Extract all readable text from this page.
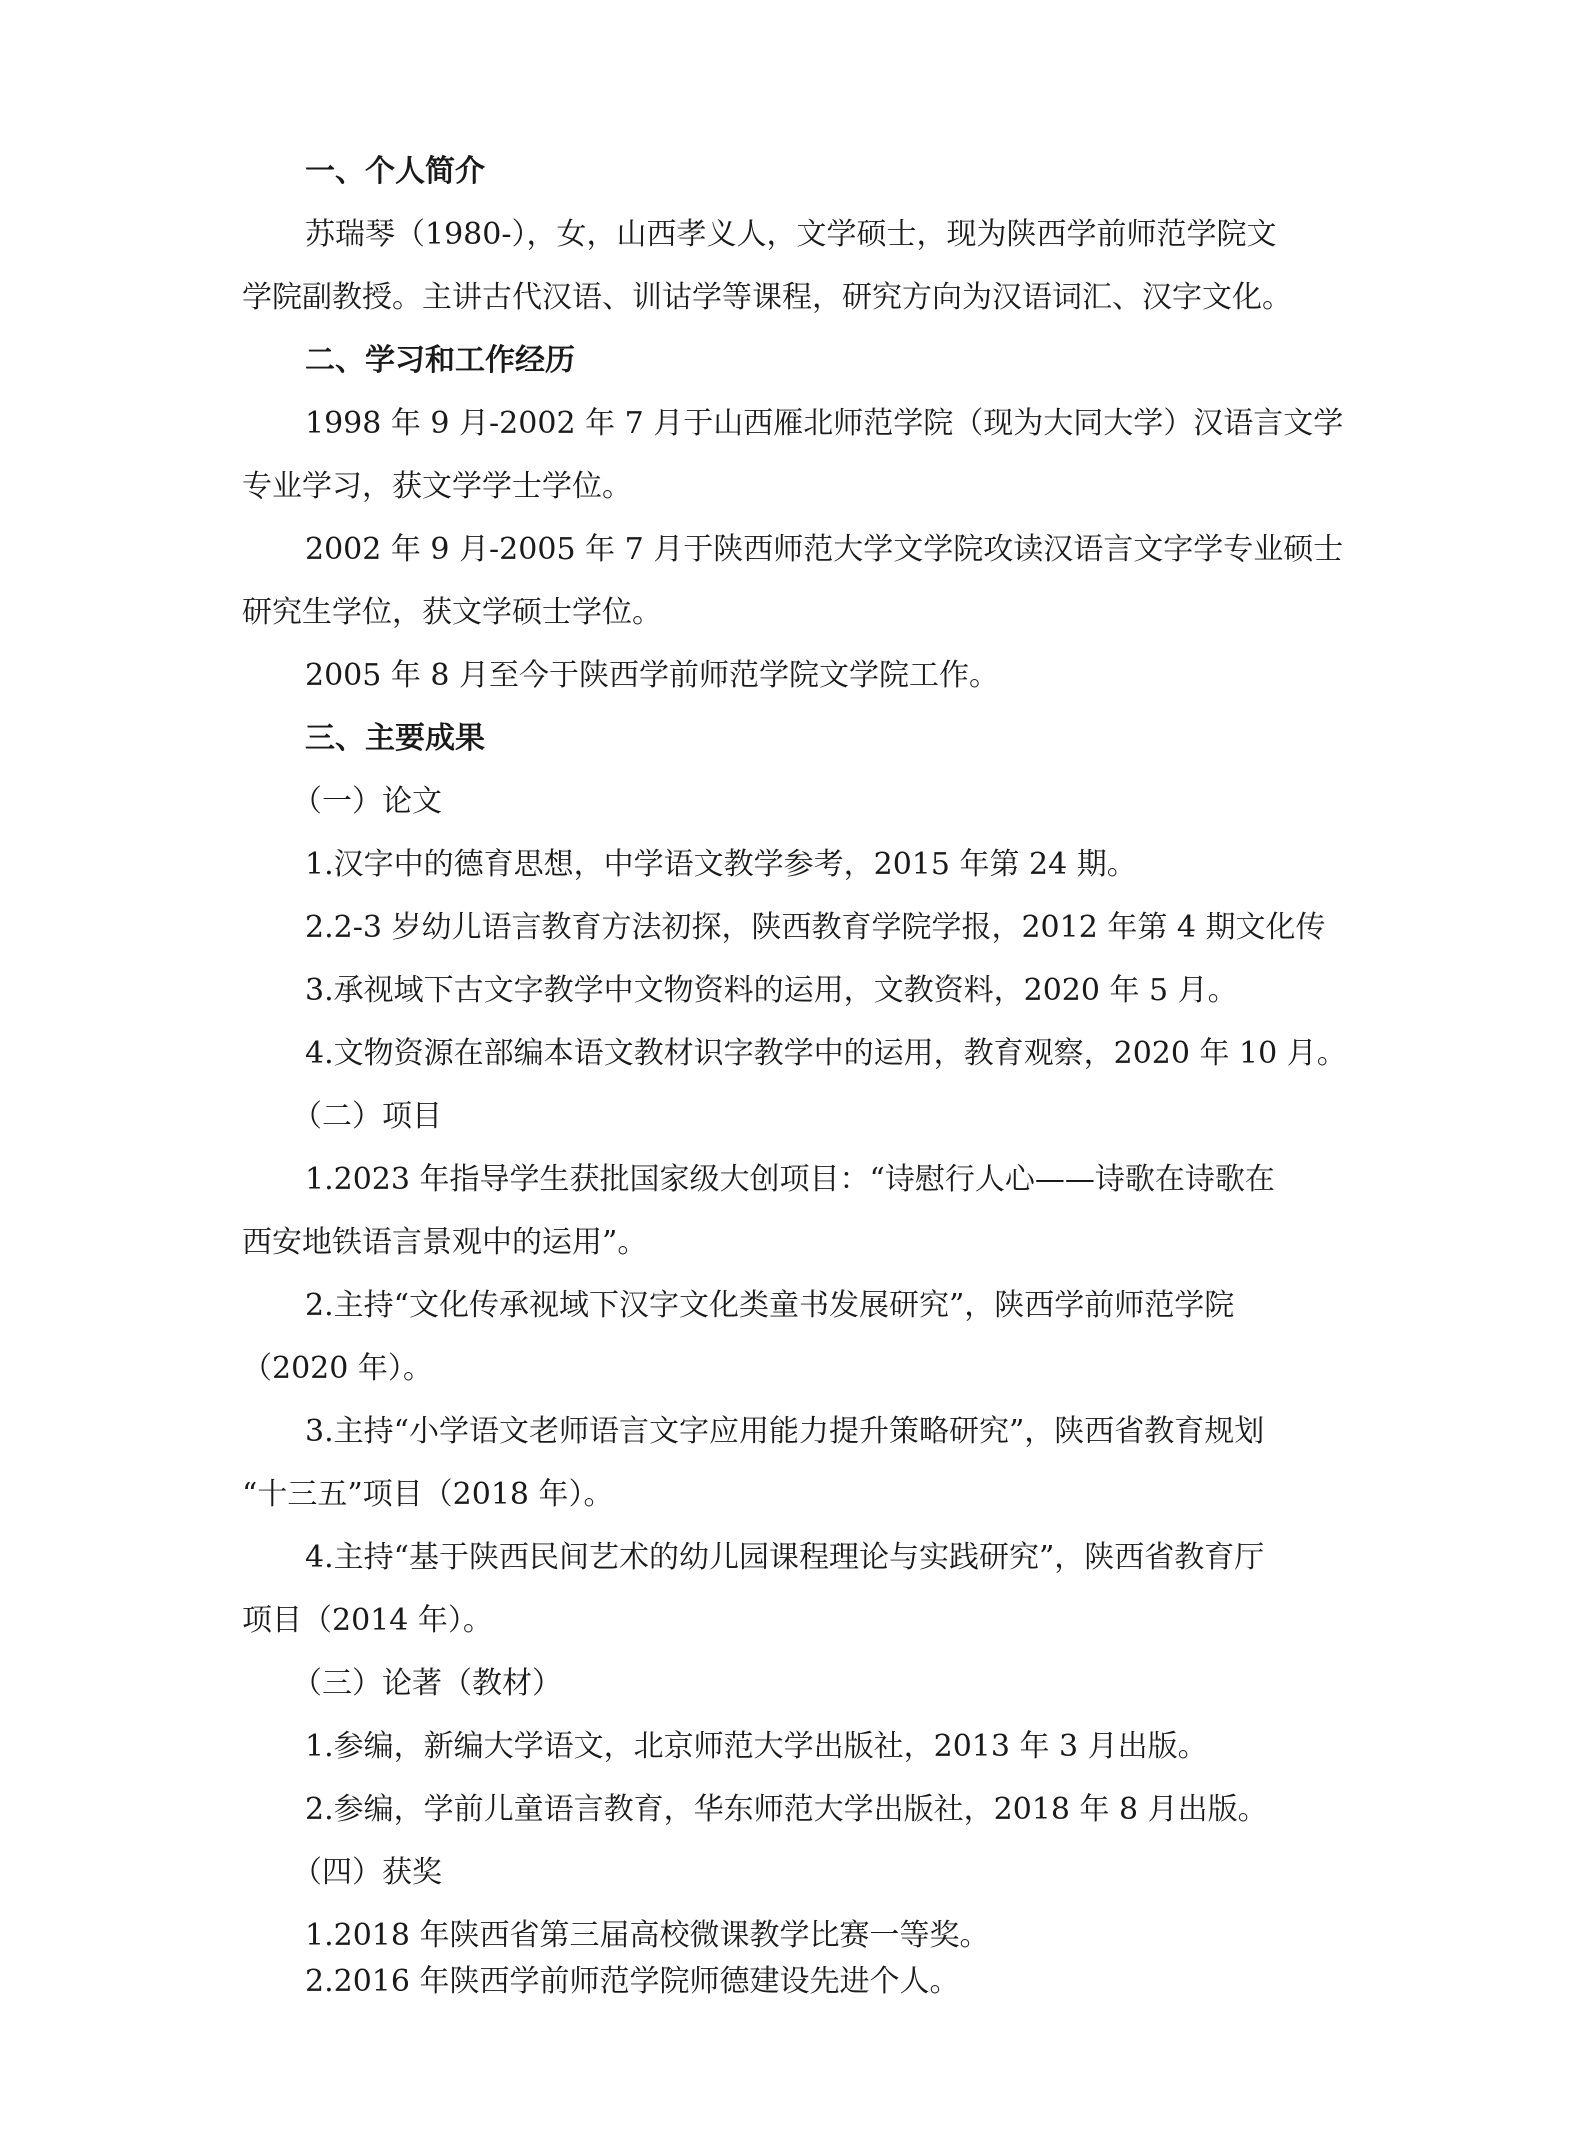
一、个人简介
苏瑞琴（1980-），女，山西孝义人，文学硕士，现为陕西学前师范学院文
学院副教授。主讲古代汉语、训诂学等课程，研究方向为汉语词汇、汉字文化。
二、学习和工作经历
1998 年 9 月-2002 年 7 月于山西雁北师范学院（现为大同大学）汉语言文学
专业学习，获文学学士学位。
2002 年 9 月-2005 年 7 月于陕西师范大学文学院攻读汉语言文字学专业硕士
研究生学位，获文学硕士学位。
2005 年 8 月至今于陕西学前师范学院文学院工作。
三、主要成果
（一）论文
1.汉字中的德育思想，中学语文教学参考，2015 年第 24 期。
2.2-3 岁幼儿语言教育方法初探，陕西教育学院学报，2012 年第 4 期文化传
3.承视域下古文字教学中文物资料的运用，文教资料，2020 年 5 月。
4.文物资源在部编本语文教材识字教学中的运用，教育观察，2020 年 10 月。
（二）项目
1.2023 年指导学生获批国家级大创项目：“诗慰行人心——诗歌在诗歌在
西安地铁语言景观中的运用”。
2.主持“文化传承视域下汉字文化类童书发展研究”，陕西学前师范学院
（2020 年）。
3.主持“小学语文老师语言文字应用能力提升策略研究”，陕西省教育规划
“十三五”项目（2018 年）。
4.主持“基于陕西民间艺术的幼儿园课程理论与实践研究”，陕西省教育厅
项目（2014 年）。
（三）论著（教材）
1.参编，新编大学语文，北京师范大学出版社，2013 年 3 月出版。
2.参编，学前儿童语言教育，华东师范大学出版社，2018 年 8 月出版。
（四）获奖
1.2018 年陕西省第三届高校微课教学比赛一等奖。
2.2016 年陕西学前师范学院师德建设先进个人。
